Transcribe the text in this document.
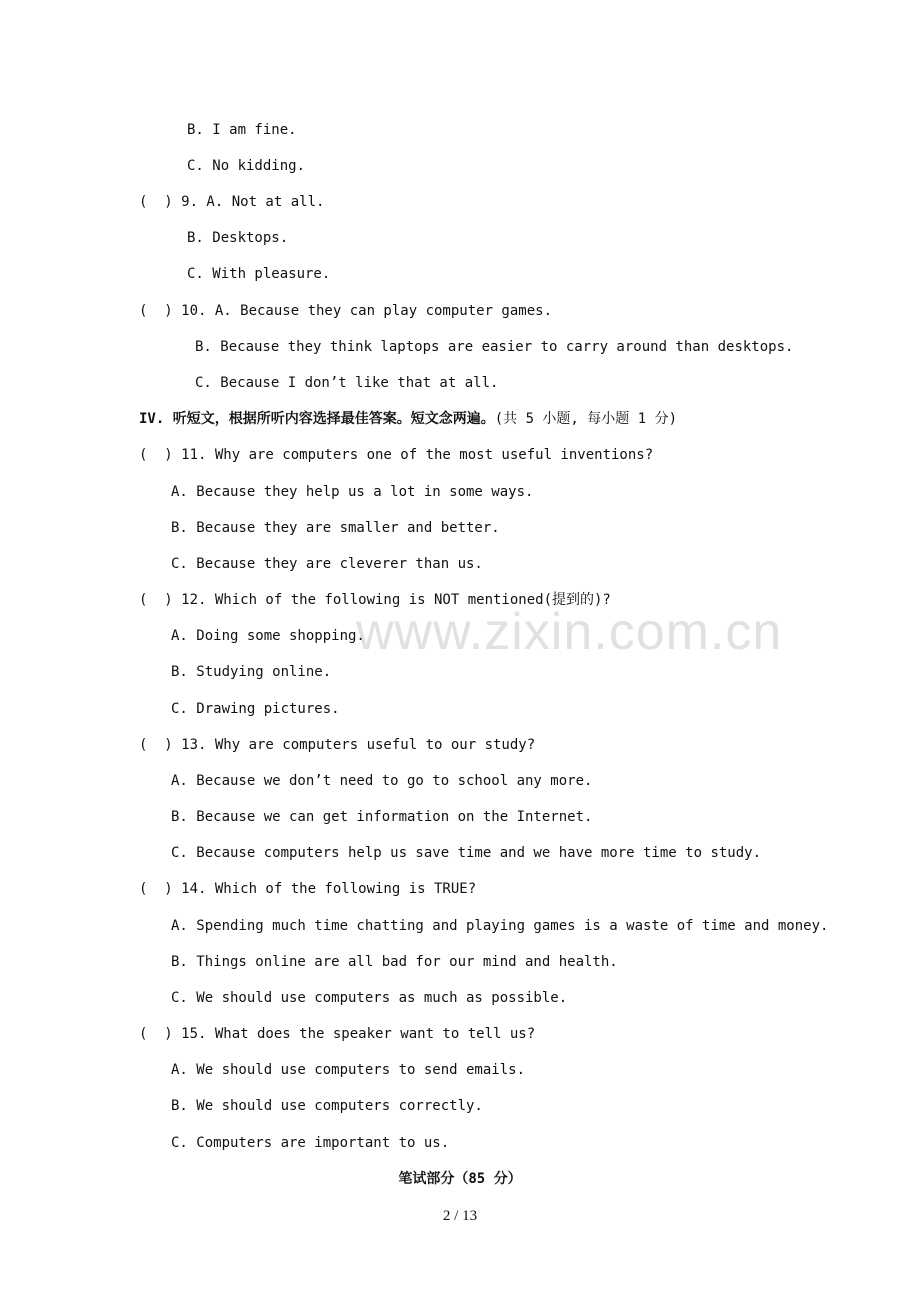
www.zixin.com.cn
B. I am fine.
C. No kidding.
(  ) 9. A. Not at all.
B. Desktops.
C. With pleasure.
(  ) 10. A. Because they can play computer games.
B. Because they think laptops are easier to carry around than desktops.
C. Because I don’t like that at all.
IV. 听短文，根据所听内容选择最佳答案。短文念两遍。(共 5 小题, 每小题 1 分)
(  ) 11. Why are computers one of the most useful inventions?
A. Because they help us a lot in some ways.
B. Because they are smaller and better.
C. Because they are cleverer than us.
(  ) 12. Which of the following is NOT mentioned(提到的)?
A. Doing some shopping.
B. Studying online.
C. Drawing pictures.
(  ) 13. Why are computers useful to our study?
A. Because we don’t need to go to school any more.
B. Because we can get information on the Internet.
C. Because computers help us save time and we have more time to study.
(  ) 14. Which of the following is TRUE?
A. Spending much time chatting and playing games is a waste of time and money.
B. Things online are all bad for our mind and health.
C. We should use computers as much as possible.
(  ) 15. What does the speaker want to tell us?
A. We should use computers to send emails.
B. We should use computers correctly.
C. Computers are important to us.
笔试部分（85 分）
2 / 13
